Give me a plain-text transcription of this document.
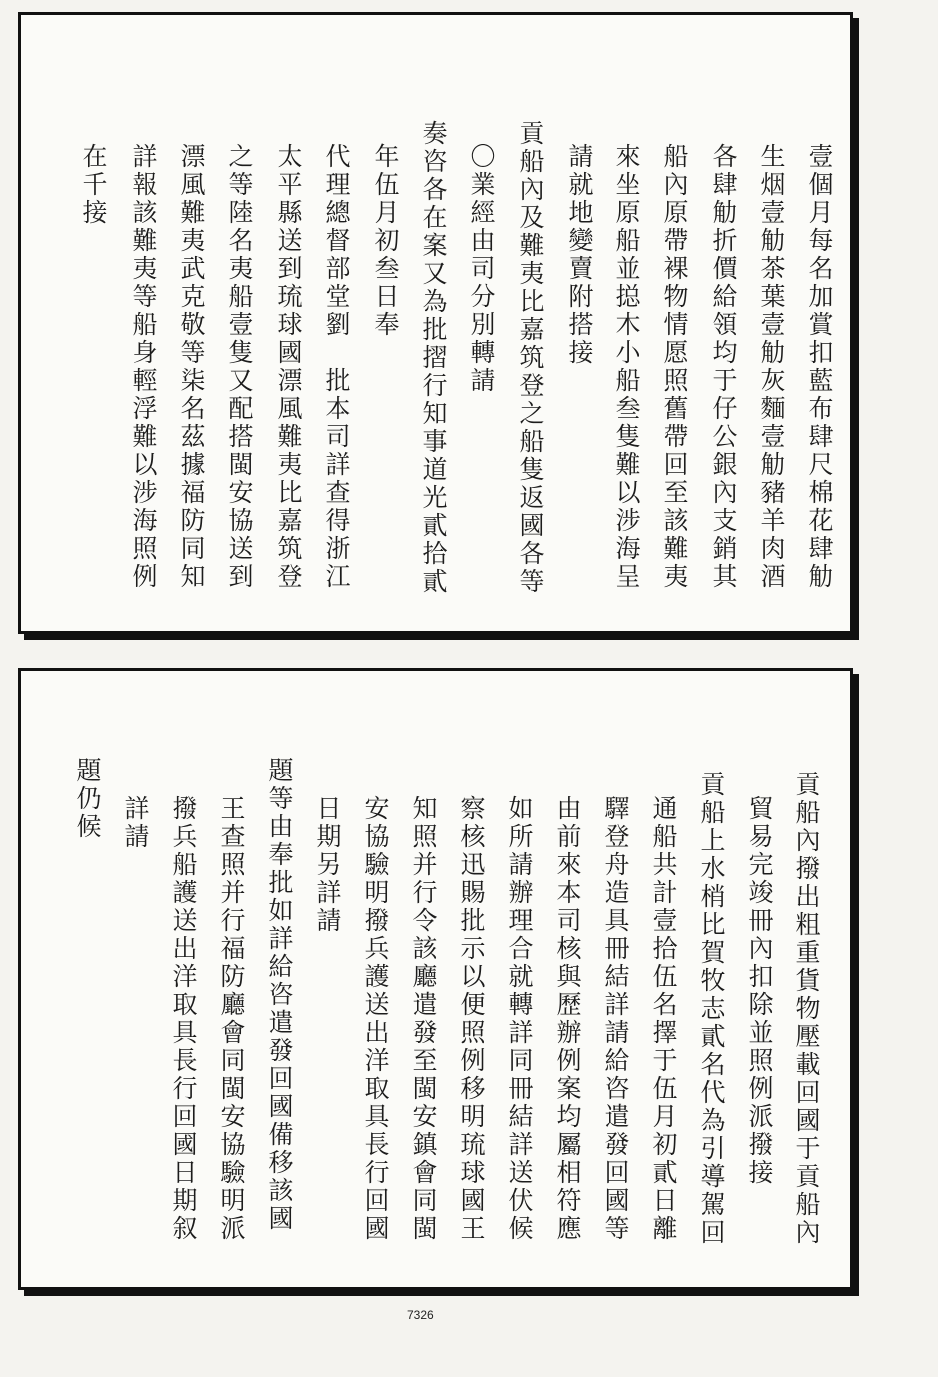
壹個月每名加賞扣藍布肆尺棉花肆觔
生烟壹觔茶葉壹觔灰麵壹觔豬羊肉酒
各肆觔折價給領均于仔公銀內支銷其
船內原帶裸物情愿照舊帶回至該難夷
來坐原船並搃木小船叁隻難以涉海呈
請就地變賣附搭接
貢船內及難夷比嘉筑登之船隻返國各等
〇業經由司分別轉請
奏咨各在案又為批摺行知事道光貳拾貳
年伍月初叁日奉
代理總督部堂劉　批本司詳查得浙江
太平縣送到琉球國漂風難夷比嘉筑登
之等陸名夷船壹隻又配搭閩安協送到
漂風難夷武克敬等柒名茲據福防同知
詳報該難夷等船身輕浮難以涉海照例
在千接
貢船內撥出粗重貨物壓載回國于貢船內
貿易完竣冊內扣除並照例派撥接
貢船上水梢比賀牧志貳名代為引導駕回
通船共計壹拾伍名擇于伍月初貳日離
驛登舟造具冊結詳請給咨遣發回國等
由前來本司核與歷辦例案均屬相符應
如所請辦理合就轉詳同冊結詳送伏候
察核迅賜批示以便照例移明琉球國王
知照并行令該廳遣發至閩安鎮會同閩
安協驗明撥兵護送出洋取具長行回國
日期另詳請
題等由奉批如詳給咨遣發回國備移該國
王查照并行福防廳會同閩安協驗明派
撥兵船護送出洋取具長行回國日期叙
詳請
題仍候
7326
